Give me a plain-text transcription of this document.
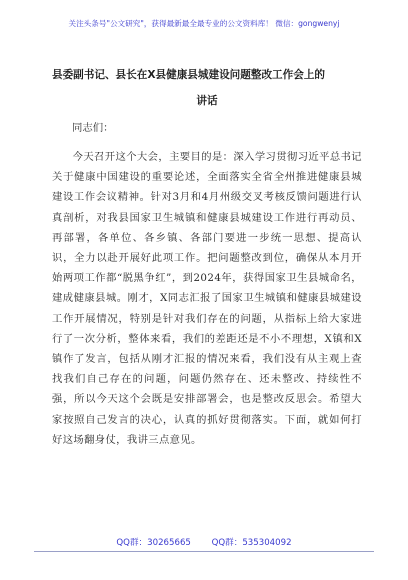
关注头条号"公文研究"，获得最新最全最专业的公文资料库！ 微信：gongwenyj
县委副书记、县长在X县健康县城建设问题整改工作会上的
讲话
同志们：
今天召开这个大会，主要目的是：深入学习贯彻习近平总书记关于健康中国建设的重要论述，全面落实全省全州推进健康县城建设工作会议精神。针对3月和4月州级交叉考核反馈问题进行认真剖析，对我县国家卫生城镇和健康县城建设工作进行再动员、再部署，各单位、各乡镇、各部门要进一步统一思想、提高认识，全力以赴开展好此项工作。把问题整改到位，确保从本月开始两项工作都“脱黑争红”，到2024年，获得国家卫生县城命名，建成健康县城。刚才，X同志汇报了国家卫生城镇和健康县城建设工作开展情况，特别是针对我们存在的问题，从指标上给大家进行了一次分析，整体来看，我们的差距还是不小不理想，X镇和X镇作了发言，包括从刚才汇报的情况来看，我们没有从主观上查找我们自己存在的问题，问题仍然存在、还未整改、持续性不强，所以今天这个会既是安排部署会，也是整改反思会。希望大家按照自己发言的决心，认真的抓好贯彻落实。下面，就如何打好这场翻身仗，我讲三点意见。
QQ群：30265665 QQ群：535304092
